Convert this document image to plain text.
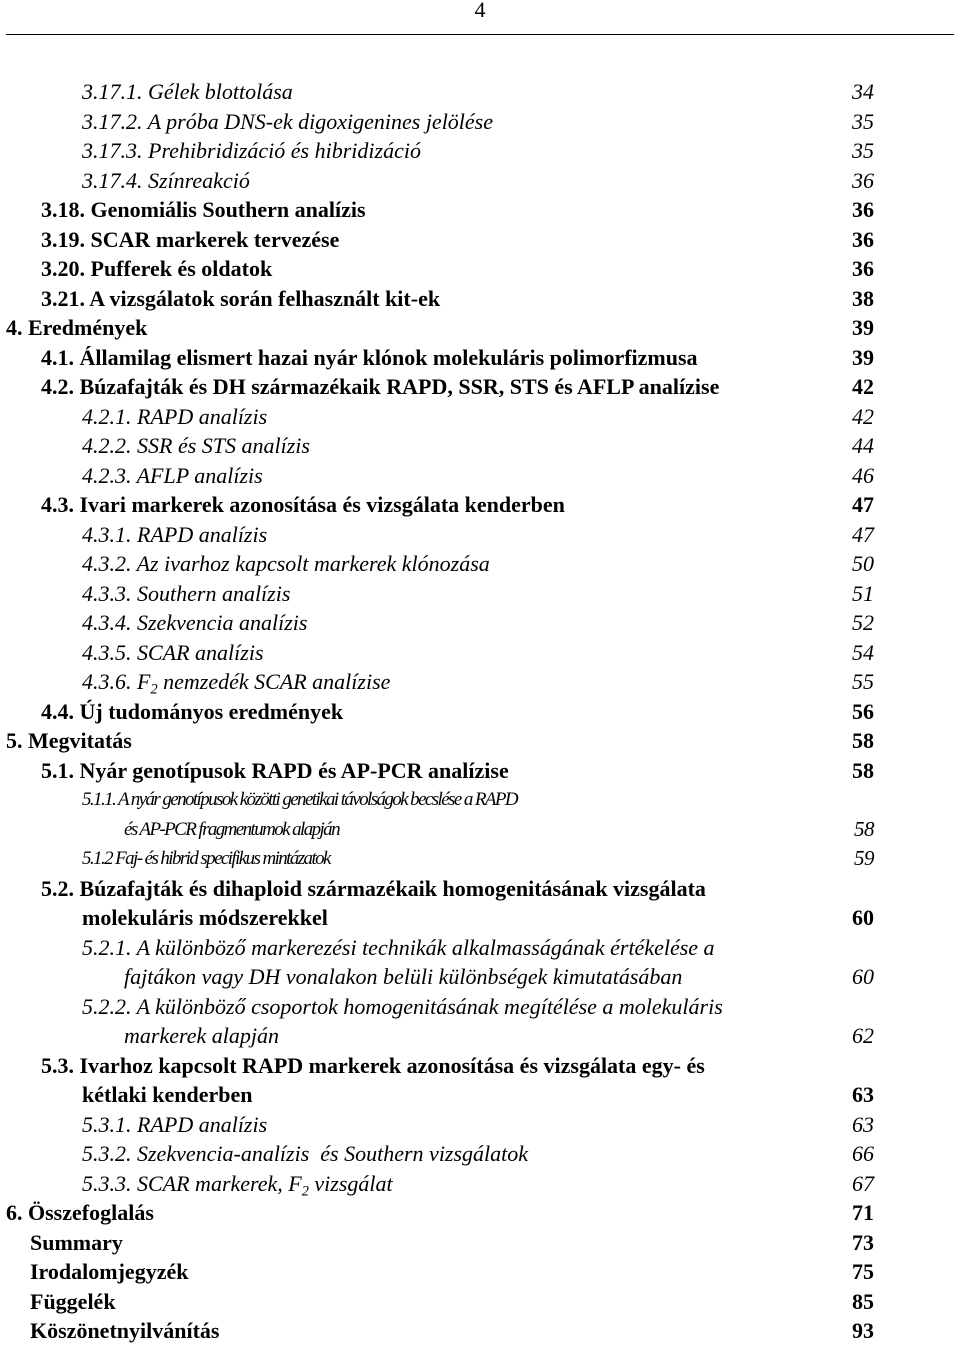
4
3.17.1. Gélek blottolása	34
3.17.2. A próba DNS-ek digoxigenines jelölése	35
3.17.3. Prehibridizáció és hibridizáció	35
3.17.4. Színreakció	36
3.18. Genomiális Southern analízis	36
3.19. SCAR markerek tervezése	36
3.20. Pufferek és oldatok	36
3.21. A vizsgálatok során felhasznált kit-ek	38
4. Eredmények	39
4.1. Államilag elismert hazai nyár klónok molekuláris polimorfizmusa	39
4.2. Búzafajták és DH származékaik RAPD, SSR, STS és AFLP analízise	42
4.2.1. RAPD analízis	42
4.2.2. SSR és STS analízis	44
4.2.3. AFLP analízis	46
4.3. Ivari markerek azonosítása és vizsgálata kenderben	47
4.3.1. RAPD analízis	47
4.3.2. Az ivarhoz kapcsolt markerek klónozása	50
4.3.3. Southern analízis	51
4.3.4. Szekvencia analízis	52
4.3.5. SCAR analízis	54
4.3.6. $F_2$ nemzedék SCAR analízise	55
4.4. Új tudományos eredmények	56
5. Megvitatás	58
5.1. Nyár genotípusok RAPD és AP-PCR analízise	58
5.1.1. A nyár genotípusok közötti genetikai távolságok becslése a RAPD
és AP-PCR fragmentumok alapján	58
5.1.2 Faj- és hibrid specifikus mintázatok	59
5.2. Búzafajták és dihaploid származékaik homogenitásának vizsgálata
molekuláris módszerekkel	60
5.2.1. A különböző markerezési technikák alkalmasságának értékelése a
fajtákon vagy DH vonalakon belüli különbségek kimutatásában	60
5.2.2. A különböző csoportok homogenitásának megítélése a molekuláris
markerek alapján	62
5.3. Ivarhoz kapcsolt RAPD markerek azonosítása és vizsgálata egy- és
kétlaki kenderben	63
5.3.1. RAPD analízis	63
5.3.2. Szekvencia-analízis  és Southern vizsgálatok	66
5.3.3. SCAR markerek, $F_2$ vizsgálat	67
6. Összefoglalás	71
Summary	73
Irodalomjegyzék	75
Függelék	85
Köszönetnyilvánítás	93
